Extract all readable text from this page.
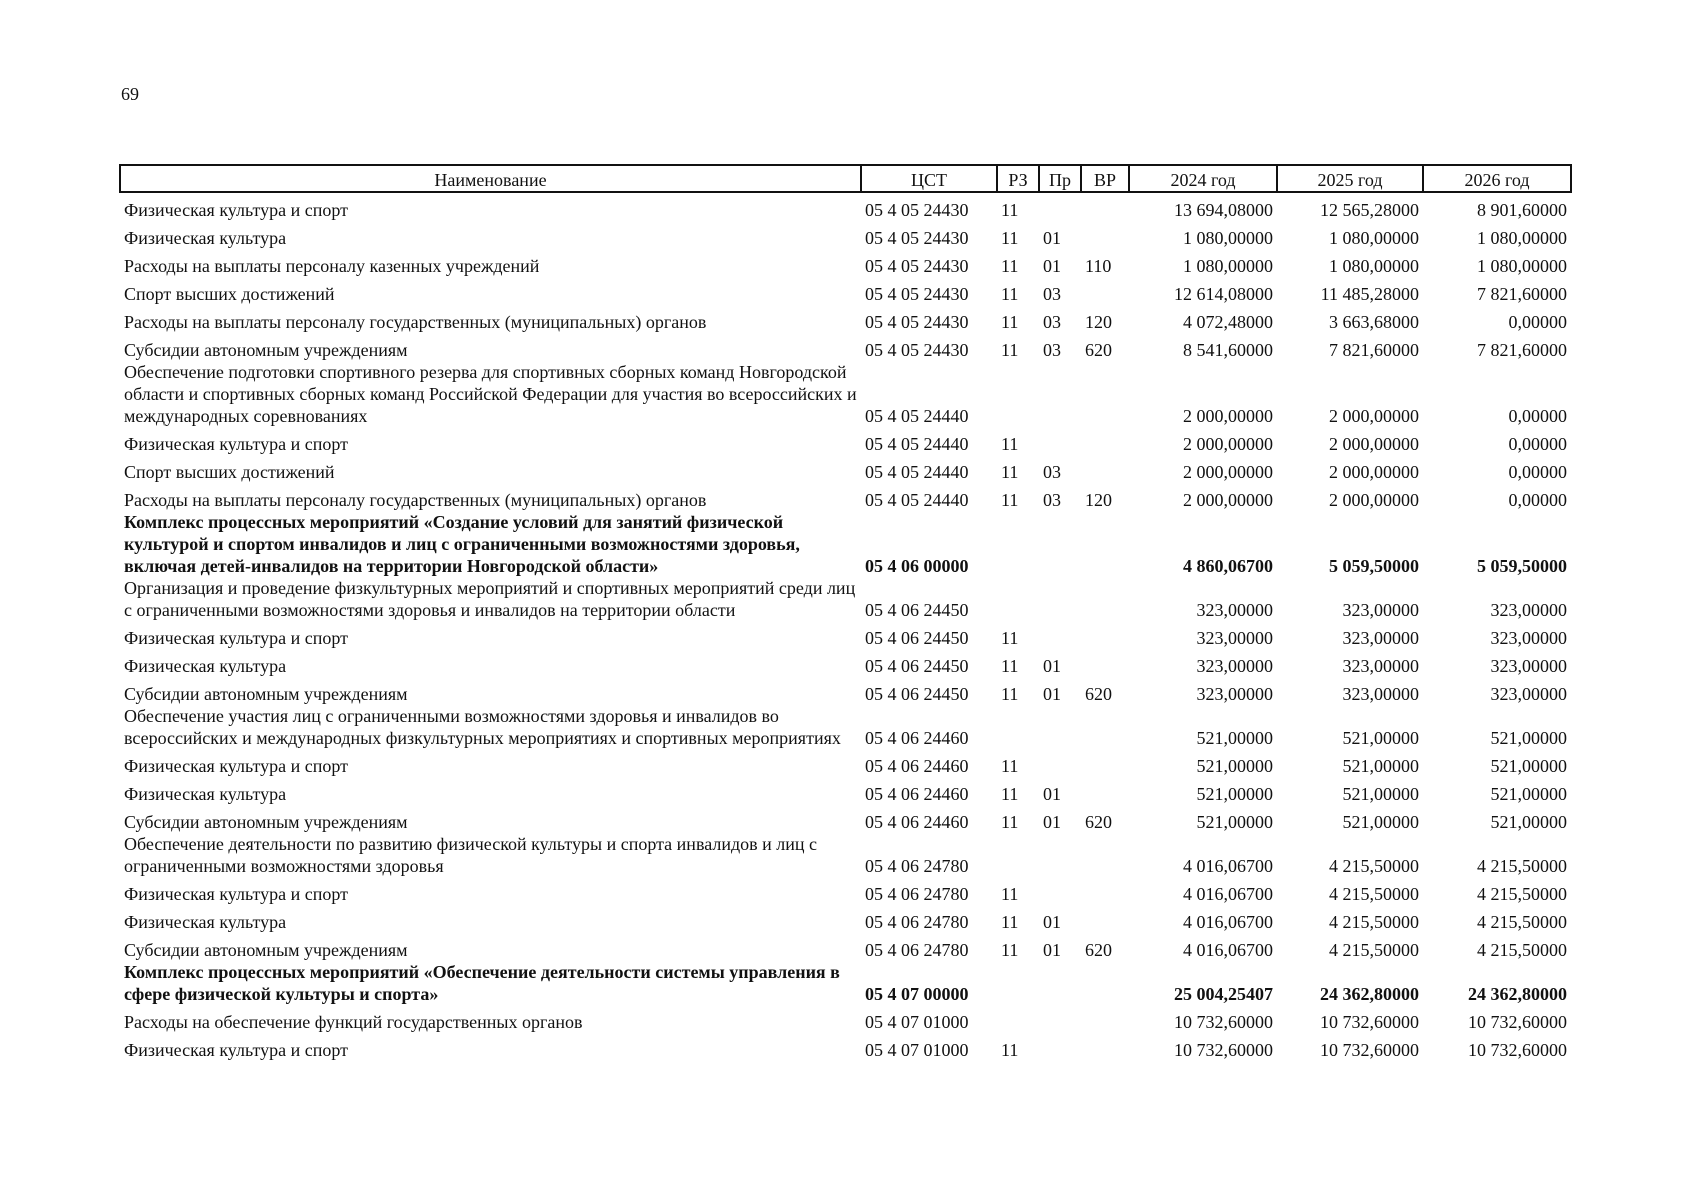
69
Наименование	ЦСТ	РЗ	Пр	ВР	2024 год	2025 год	2026 год
Физическая культура и спорт	05 4 05 24430	11			13 694,08000	12 565,28000	8 901,60000
Физическая культура	05 4 05 24430	11	01		1 080,00000	1 080,00000	1 080,00000
Расходы на выплаты персоналу казенных учреждений	05 4 05 24430	11	01	110	1 080,00000	1 080,00000	1 080,00000
Спорт высших достижений	05 4 05 24430	11	03		12 614,08000	11 485,28000	7 821,60000
Расходы на выплаты персоналу государственных (муниципальных) органов	05 4 05 24430	11	03	120	4 072,48000	3 663,68000	0,00000
Субсидии автономным учреждениям	05 4 05 24430	11	03	620	8 541,60000	7 821,60000	7 821,60000
Обеспечение подготовки спортивного резерва для спортивных сборных команд Новгородской области и спортивных сборных команд Российской Федерации для участия во всероссийских и международных соревнованиях	05 4 05 24440				2 000,00000	2 000,00000	0,00000
Физическая культура и спорт	05 4 05 24440	11			2 000,00000	2 000,00000	0,00000
Спорт высших достижений	05 4 05 24440	11	03		2 000,00000	2 000,00000	0,00000
Расходы на выплаты персоналу государственных (муниципальных) органов	05 4 05 24440	11	03	120	2 000,00000	2 000,00000	0,00000
Комплекс процессных мероприятий «Создание условий для занятий физической культурой и спортом инвалидов и лиц с ограниченными возможностями здоровья, включая детей-инвалидов на территории Новгородской области»	05 4 06 00000				4 860,06700	5 059,50000	5 059,50000
Организация и проведение физкультурных мероприятий и спортивных мероприятий среди лиц с ограниченными возможностями здоровья и инвалидов на территории области	05 4 06 24450				323,00000	323,00000	323,00000
Физическая культура и спорт	05 4 06 24450	11			323,00000	323,00000	323,00000
Физическая культура	05 4 06 24450	11	01		323,00000	323,00000	323,00000
Субсидии автономным учреждениям	05 4 06 24450	11	01	620	323,00000	323,00000	323,00000
Обеспечение участия лиц с ограниченными возможностями здоровья и инвалидов во всероссийских и международных физкультурных мероприятиях и спортивных мероприятиях	05 4 06 24460				521,00000	521,00000	521,00000
Физическая культура и спорт	05 4 06 24460	11			521,00000	521,00000	521,00000
Физическая культура	05 4 06 24460	11	01		521,00000	521,00000	521,00000
Субсидии автономным учреждениям	05 4 06 24460	11	01	620	521,00000	521,00000	521,00000
Обеспечение деятельности по развитию физической культуры и спорта инвалидов и лиц с ограниченными возможностями здоровья	05 4 06 24780				4 016,06700	4 215,50000	4 215,50000
Физическая культура и спорт	05 4 06 24780	11			4 016,06700	4 215,50000	4 215,50000
Физическая культура	05 4 06 24780	11	01		4 016,06700	4 215,50000	4 215,50000
Субсидии автономным учреждениям	05 4 06 24780	11	01	620	4 016,06700	4 215,50000	4 215,50000
Комплекс процессных мероприятий «Обеспечение деятельности системы управления в сфере физической культуры и спорта»	05 4 07 00000				25 004,25407	24 362,80000	24 362,80000
Расходы на обеспечение функций государственных органов	05 4 07 01000				10 732,60000	10 732,60000	10 732,60000
Физическая культура и спорт	05 4 07 01000	11			10 732,60000	10 732,60000	10 732,60000
